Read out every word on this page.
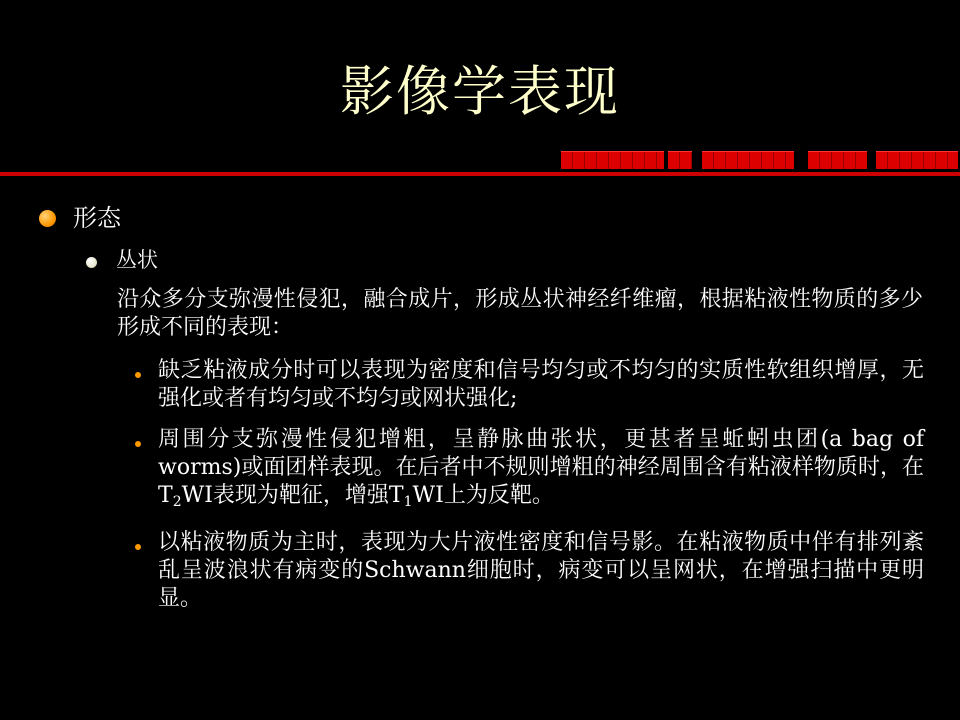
影像学表现
形态
丛状
沿众多分支弥漫性侵犯，融合成片，形成丛状神经纤维瘤，根据粘液性物质的多少形成不同的表现：
缺乏粘液成分时可以表现为密度和信号均匀或不均匀的实质性软组织增厚，无强化或者有均匀或不均匀或网状强化;
周围分支弥漫性侵犯增粗，呈静脉曲张状，更甚者呈蚯蚓虫团(a bag of worms)或面团样表现。在后者中不规则增粗的神经周围含有粘液样物质时，在$T_2WI$表现为靶征，增强$T_1WI$上为反靶。
以粘液物质为主时，表现为大片液性密度和信号影。在粘液物质中伴有排列紊乱呈波浪状有病变的Schwann细胞时，病变可以呈网状，在增强扫描中更明显。
